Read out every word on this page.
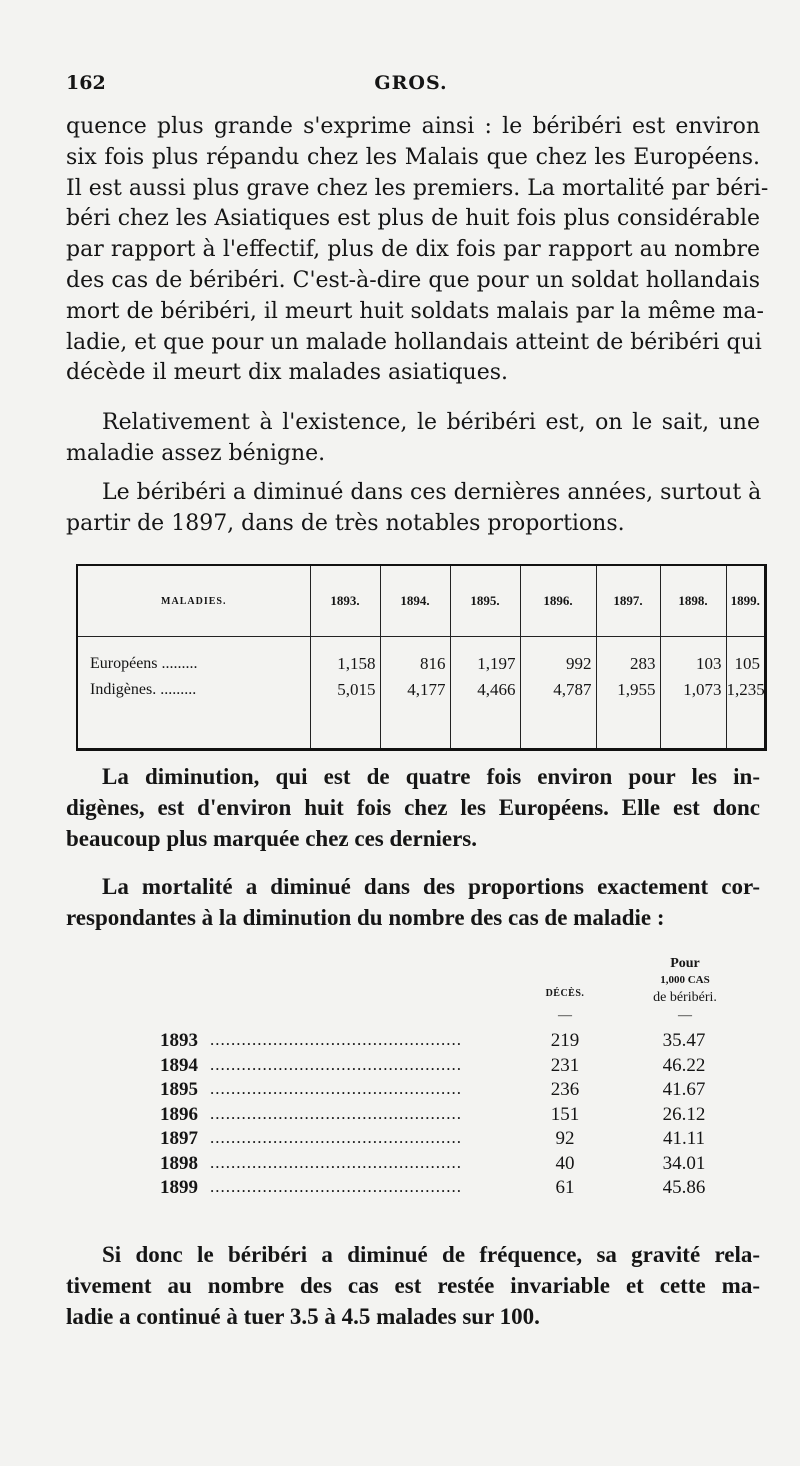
162	GROS.
quence plus grande s'exprime ainsi : le béribéri est environ
six fois plus répandu chez les Malais que chez les Européens.
Il est aussi plus grave chez les premiers. La mortalité par béri-
béri chez les Asiatiques est plus de huit fois plus considérable
par rapport à l'effectif, plus de dix fois par rapport au nombre
des cas de béribéri. C'est-à-dire que pour un soldat hollandais
mort de béribéri, il meurt huit soldats malais par la même ma-
ladie, et que pour un malade hollandais atteint de béribéri qui
décède il meurt dix malades asiatiques.
Relativement à l'existence, le béribéri est, on le sait, une
maladie assez bénigne.
Le béribéri a diminué dans ces dernières années, surtout à
partir de 1897, dans de très notables proportions.
MALADIES.	1893.	1894.	1895.	1896.	1897.	1898.	1899.

Européens .........	1,158	816	1,197	992	283	103	105
Indigènes. .........	5,015	4,177	4,466	4,787	1,955	1,073	1,235

La diminution, qui est de quatre fois environ pour les in-
digènes, est d'environ huit fois chez les Européens. Elle est donc
beaucoup plus marquée chez ces derniers.
La mortalité a diminué dans des proportions exactement cor-
respondantes à la diminution du nombre des cas de maladie :
DÉCÈS.
—
Pour
1,000 CAS
de béribéri.
—
1893 ................................................	219	35.47
1894 ................................................	231	46.22
1895 ................................................	236	41.67
1896 ................................................	151	26.12
1897 ................................................	92	41.11
1898 ................................................	40	34.01
1899 ................................................	61	45.86
Si donc le béribéri a diminué de fréquence, sa gravité rela-
tivement au nombre des cas est restée invariable et cette ma-
ladie a continué à tuer 3.5 à 4.5 malades sur 100.
